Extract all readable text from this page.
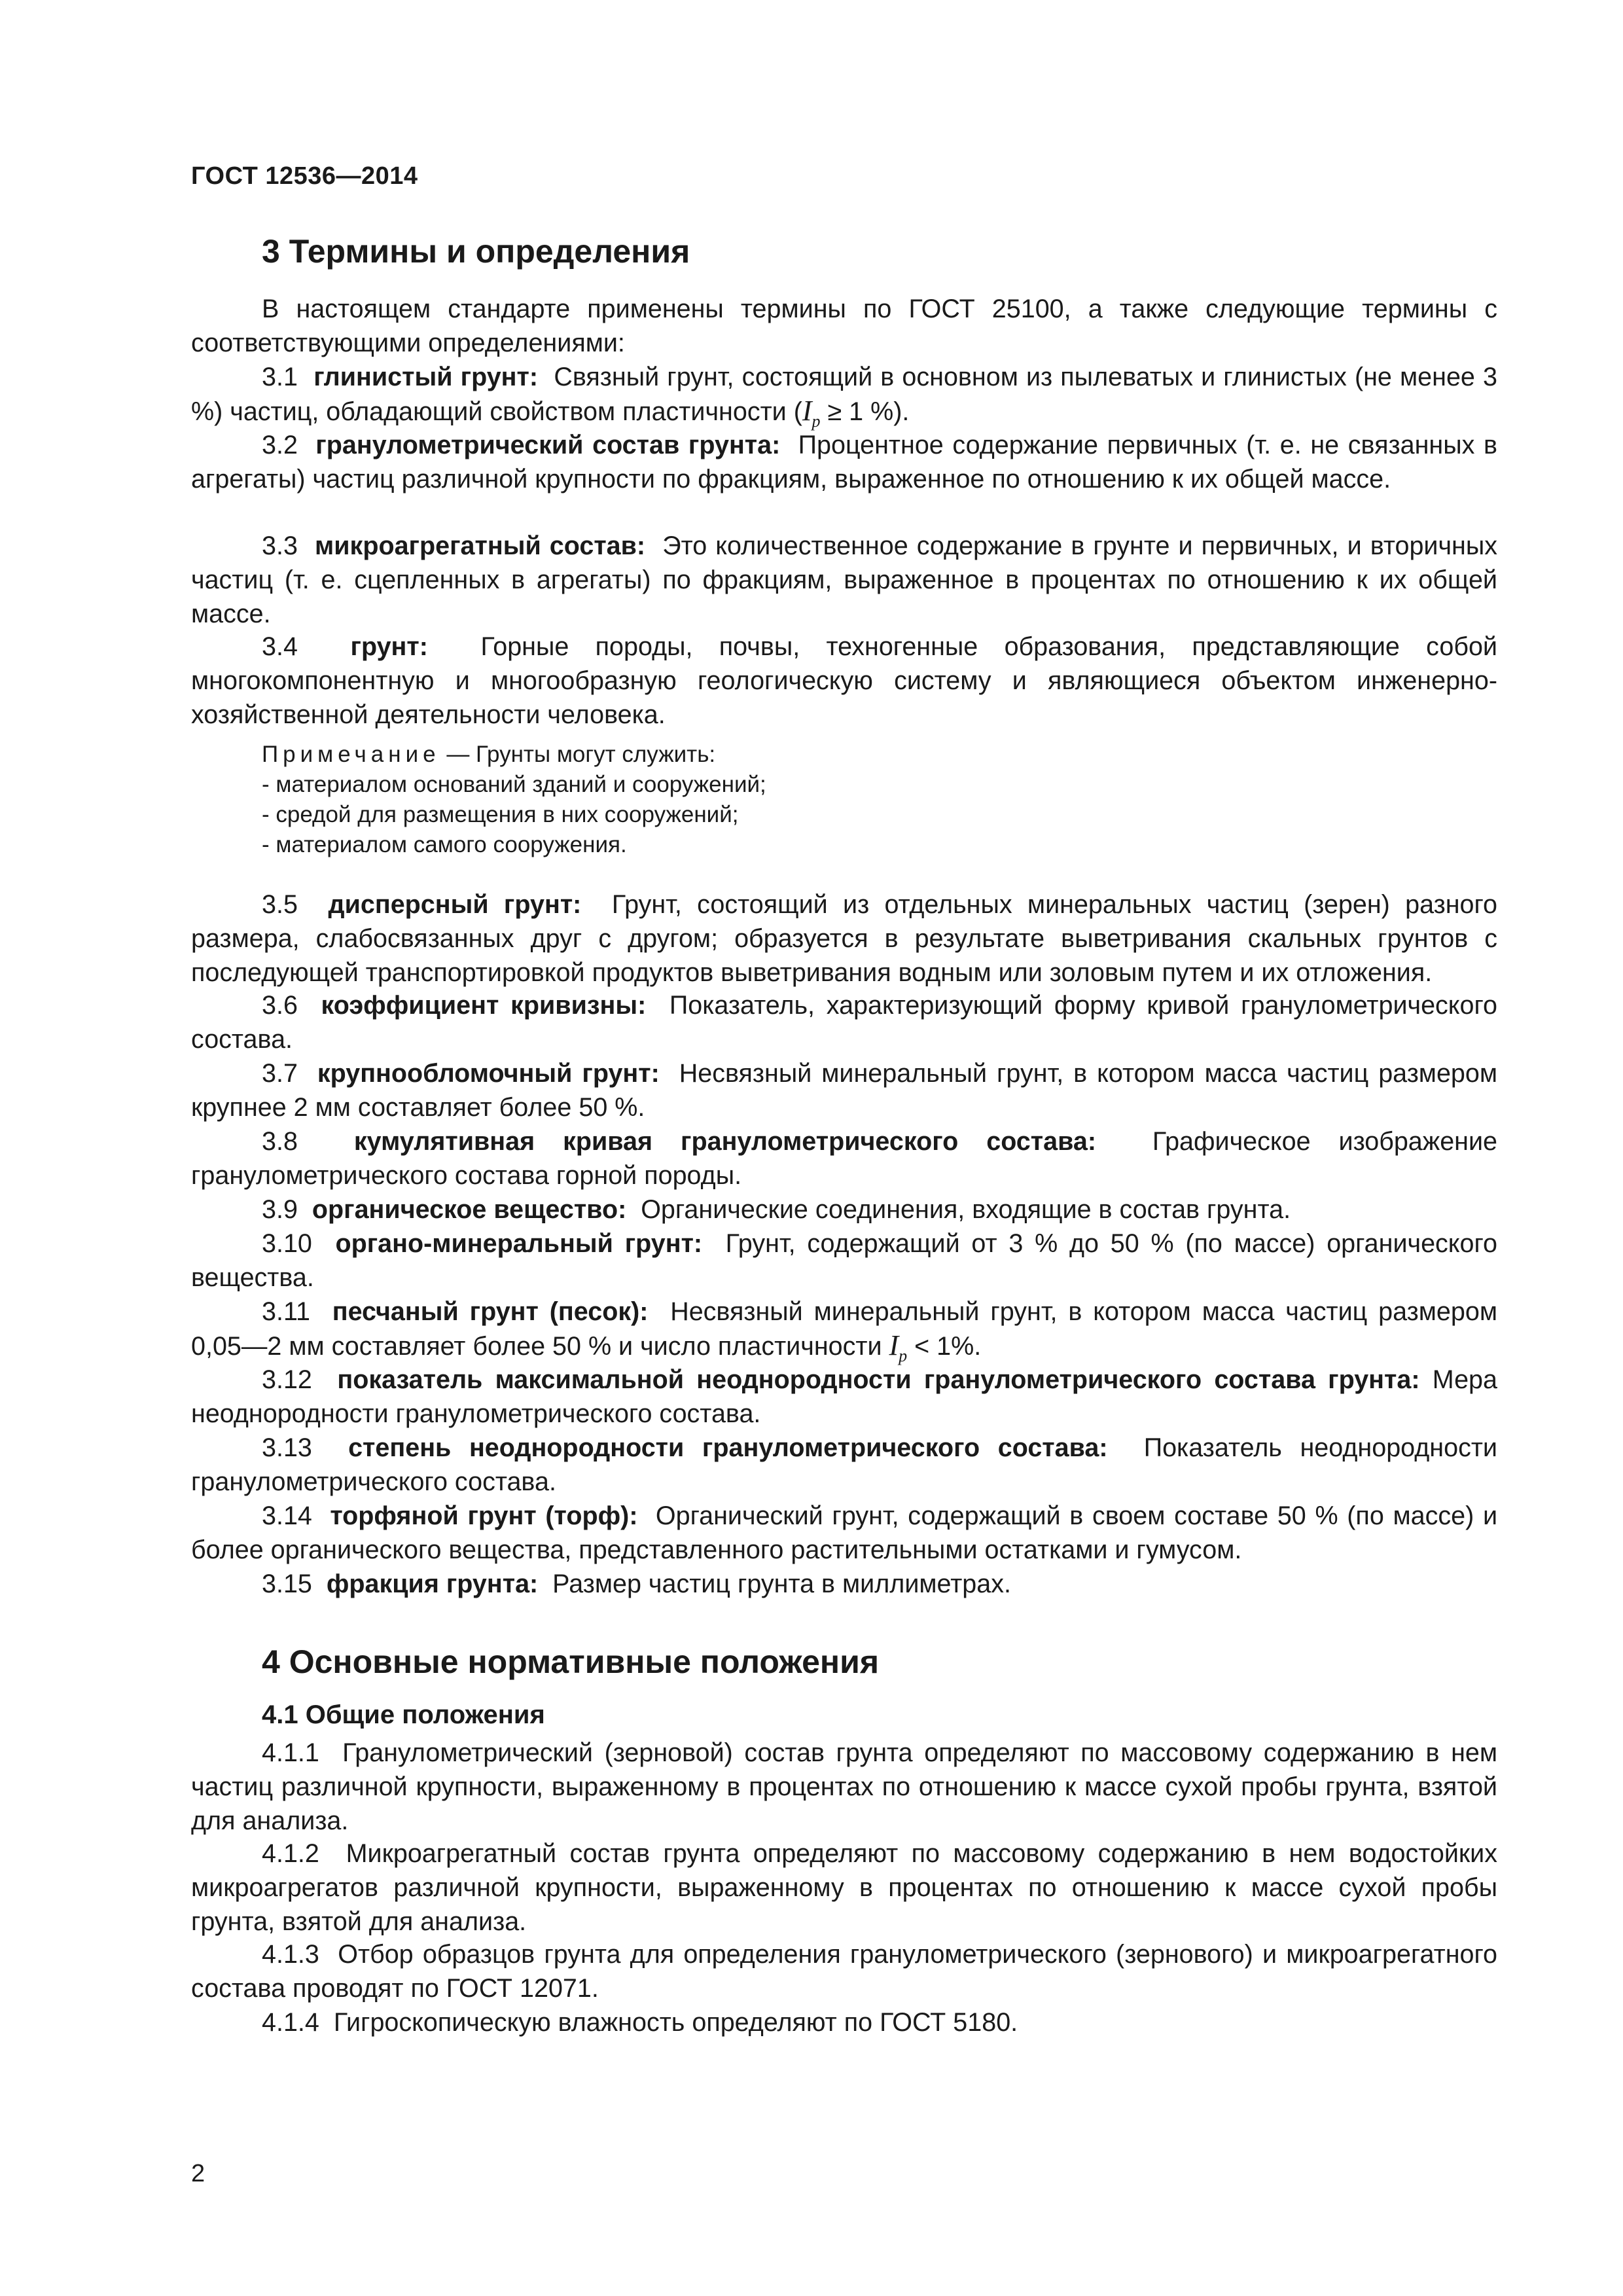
ГОСТ 12536—2014
3 Термины и определения

В настоящем стандарте применены термины по ГОСТ 25100, а также следующие термины с соответствующими определениями:

3.1 глинистый грунт: Связный грунт, состоящий в основном из пылеватых и глинистых (не менее 3 %) частиц, обладающий свойством пластичности ($I_p \ge 1$ %).

3.2 гранулометрический состав грунта: Процентное содержание первичных (т. е. не связанных в агрегаты) частиц различной крупности по фракциям, выраженное по отношению к их общей массе.

3.3 микроагрегатный состав: Это количественное содержание в грунте и первичных, и вторичных частиц (т. е. сцепленных в агрегаты) по фракциям, выраженное в процентах по отношению к их общей массе.

3.4 грунт: Горные породы, почвы, техногенные образования, представляющие собой многокомпонентную и многообразную геологическую систему и являющиеся объектом инженерно-хозяйственной деятельности человека.

Примечание — Грунты могут служить:
- материалом оснований зданий и сооружений;
- средой для размещения в них сооружений;
- материалом самого сооружения.

3.5 дисперсный грунт: Грунт, состоящий из отдельных минеральных частиц (зерен) разного размера, слабосвязанных друг с другом; образуется в результате выветривания скальных грунтов с последующей транспортировкой продуктов выветривания водным или золовым путем и их отложения.

3.6 коэффициент кривизны: Показатель, характеризующий форму кривой гранулометрического состава.

3.7 крупнообломочный грунт: Несвязный минеральный грунт, в котором масса частиц размером крупнее 2 мм составляет более 50 %.

3.8 кумулятивная кривая гранулометрического состава: Графическое изображение гранулометрического состава горной породы.

3.9 органическое вещество: Органические соединения, входящие в состав грунта.

3.10 органо-минеральный грунт: Грунт, содержащий от 3 % до 50 % (по массе) органического вещества.

3.11 песчаный грунт (песок): Несвязный минеральный грунт, в котором масса частиц размером 0,05—2 мм составляет более 50 % и число пластичности $I_p < 1\%$.

3.12 показатель максимальной неоднородности гранулометрического состава грунта: Мера неоднородности гранулометрического состава.

3.13 степень неоднородности гранулометрического состава: Показатель неоднородности гранулометрического состава.

3.14 торфяной грунт (торф): Органический грунт, содержащий в своем составе 50 % (по массе) и более органического вещества, представленного растительными остатками и гумусом.

3.15 фракция грунта: Размер частиц грунта в миллиметрах.

4 Основные нормативные положения
4.1 Общие положения

4.1.1 Гранулометрический (зерновой) состав грунта определяют по массовому содержанию в нем частиц различной крупности, выраженному в процентах по отношению к массе сухой пробы грунта, взятой для анализа.

4.1.2 Микроагрегатный состав грунта определяют по массовому содержанию в нем водостойких микроагрегатов различной крупности, выраженному в процентах по отношению к массе сухой пробы грунта, взятой для анализа.

4.1.3 Отбор образцов грунта для определения гранулометрического (зернового) и микроагрегатного состава проводят по ГОСТ 12071.

4.1.4 Гигроскопическую влажность определяют по ГОСТ 5180.

2
